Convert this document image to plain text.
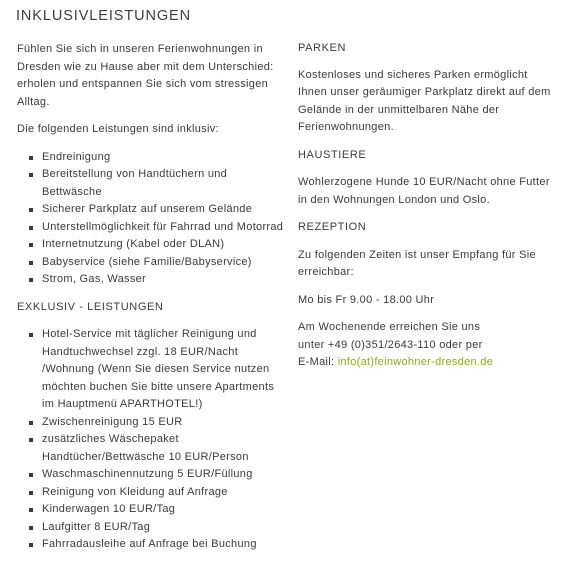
INKLUSIVLEISTUNGEN

Fühlen Sie sich in unseren Ferienwohnungen in Dresden wie zu Hause aber mit dem Unterschied: erholen und entspannen Sie sich vom stressigen Alltag.

Die folgenden Leistungen sind inklusiv:

Endreinigung
Bereitstellung von Handtüchern und Bettwäsche
Sicherer Parkplatz auf unserem Gelände
Unterstellmöglichkeit für Fahrrad und Motorrad
Internetnutzung (Kabel oder DLAN)
Babyservice (siehe Familie/Babyservice)
Strom, Gas, Wasser
EXKLUSIV - LEISTUNGEN
Hotel-Service mit täglicher Reinigung und Handtuchwechsel zzgl. 18 EUR/Nacht /Wohnung (Wenn Sie diesen Service nutzen möchten buchen Sie bitte unsere Apartments im Hauptmenü APARTHOTEL!)
Zwischenreinigung 15 EUR
zusätzliches Wäschepaket Handtücher/Bettwäsche 10 EUR/Person
Waschmaschinennutzung 5 EUR/Füllung
Reinigung von Kleidung auf Anfrage
Kinderwagen 10 EUR/Tag
Laufgitter 8 EUR/Tag
Fahrradausleihe auf Anfrage bei Buchung
PARKEN

Kostenloses und sicheres Parken ermöglicht Ihnen unser geräumiger Parkplatz direkt auf dem Gelände in der unmittelbaren Nähe der Ferienwohnungen.

HAUSTIERE

Wohlerzogene Hunde 10 EUR/Nacht ohne Futter in den Wohnungen London und Oslo.

REZEPTION

Zu folgenden Zeiten ist unser Empfang für Sie erreichbar:

Mo bis Fr 9.00 - 18.00 Uhr

Am Wochenende erreichen Sie uns
unter +49 (0)351/2643-110 oder per
E-Mail: info(at)feinwohner-dresden.de
